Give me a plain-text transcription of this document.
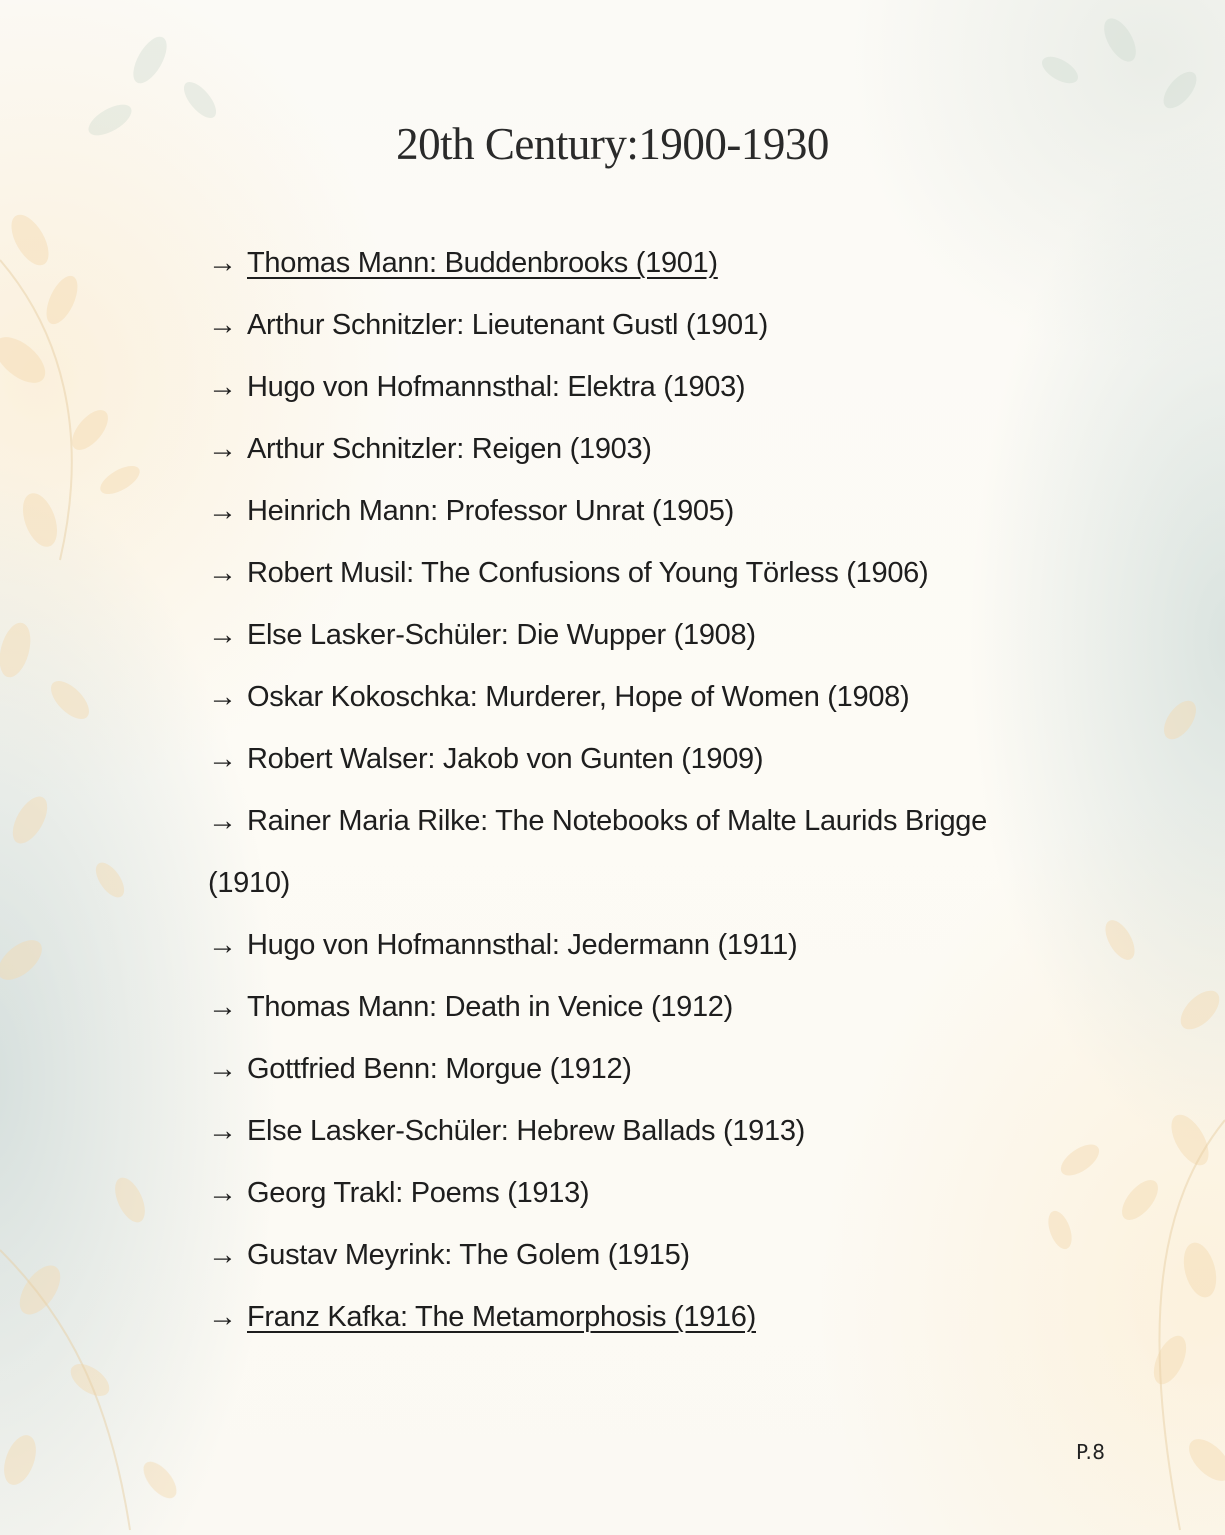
20th Century:1900-1930
→ Thomas Mann: Buddenbrooks (1901)
→ Arthur Schnitzler: Lieutenant Gustl (1901)
→ Hugo von Hofmannsthal: Elektra (1903)
→ Arthur Schnitzler: Reigen (1903)
→ Heinrich Mann: Professor Unrat (1905)
→ Robert Musil: The Confusions of Young Törless (1906)
→ Else Lasker-Schüler: Die Wupper (1908)
→ Oskar Kokoschka: Murderer, Hope of Women (1908)
→ Robert Walser: Jakob von Gunten (1909)
→ Rainer Maria Rilke: The Notebooks of Malte Laurids Brigge (1910)
→ Hugo von Hofmannsthal: Jedermann (1911)
→ Thomas Mann: Death in Venice (1912)
→ Gottfried Benn: Morgue (1912)
→ Else Lasker-Schüler: Hebrew Ballads (1913)
→ Georg Trakl: Poems (1913)
→ Gustav Meyrink: The Golem (1915)
→ Franz Kafka: The Metamorphosis (1916)
P.8
